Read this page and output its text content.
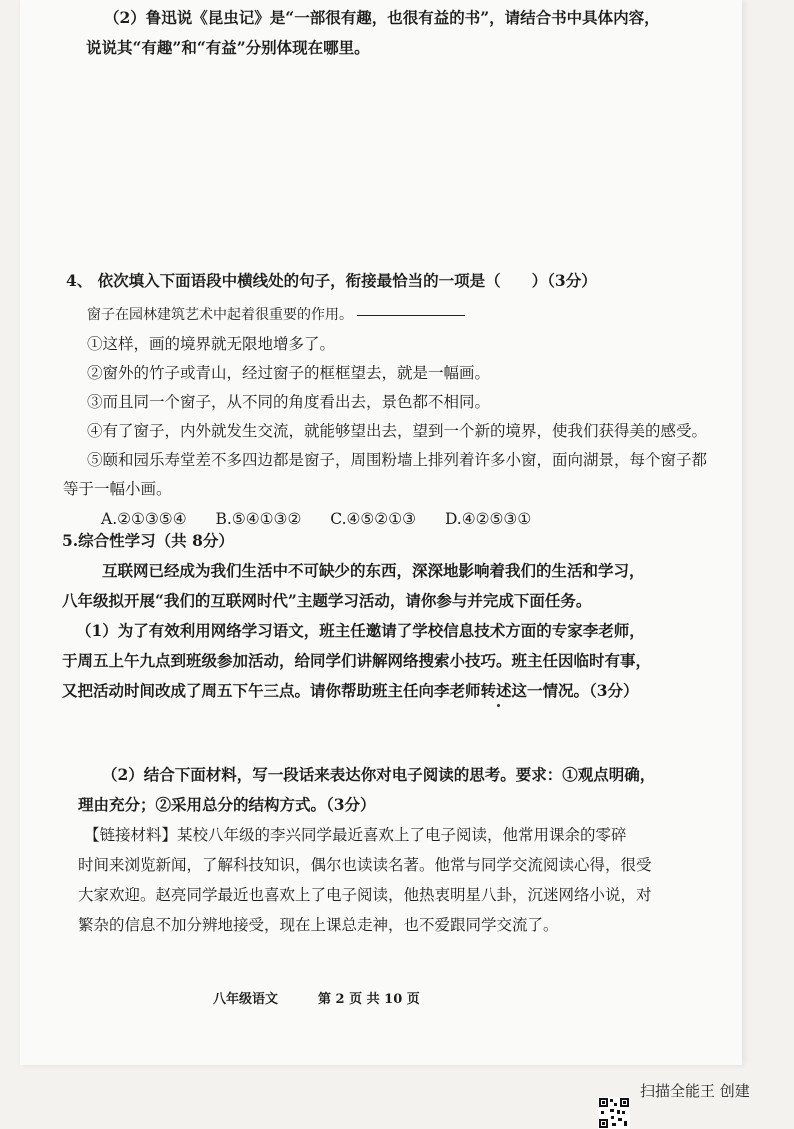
（2）鲁迅说《昆虫记》是“一部很有趣，也很有益的书”，请结合书中具体内容，
说说其“有趣”和“有益”分别体现在哪里。
4、 依次填入下面语段中横线处的句子，衔接最恰当的一项是（　　）（3分）
窗子在园林建筑艺术中起着很重要的作用。
①这样，画的境界就无限地增多了。
②窗外的竹子或青山，经过窗子的框框望去，就是一幅画。
③而且同一个窗子，从不同的角度看出去，景色都不相同。
④有了窗子，内外就发生交流，就能够望出去，望到一个新的境界，使我们获得美的感受。
⑤颐和园乐寿堂差不多四边都是窗子，周围粉墙上排列着许多小窗，面向湖景，每个窗子都
等于一幅小画。
A.②①③⑤④ B.⑤④①③② C.④⑤②①③ D.④②⑤③①
5.综合性学习（共 8分）
互联网已经成为我们生活中不可缺少的东西，深深地影响着我们的生活和学习，
八年级拟开展“我们的互联网时代”主题学习活动，请你参与并完成下面任务。
（1）为了有效利用网络学习语文，班主任邀请了学校信息技术方面的专家李老师，
于周五上午九点到班级参加活动，给同学们讲解网络搜索小技巧。班主任因临时有事，
又把活动时间改成了周五下午三点。请你帮助班主任向李老师转述这一情况。（3分）
（2）结合下面材料，写一段话来表达你对电子阅读的思考。要求：①观点明确，
理由充分；②采用总分的结构方式。（3分）
【链接材料】某校八年级的李兴同学最近喜欢上了电子阅读，他常用课余的零碎
时间来浏览新闻，了解科技知识，偶尔也读读名著。他常与同学交流阅读心得，很受
大家欢迎。赵亮同学最近也喜欢上了电子阅读，他热衷明星八卦，沉迷网络小说，对
繁杂的信息不加分辨地接受，现在上课总走神，也不爱跟同学交流了。
八年级语文	第 2 页 共 10 页
扫描全能王 创建
